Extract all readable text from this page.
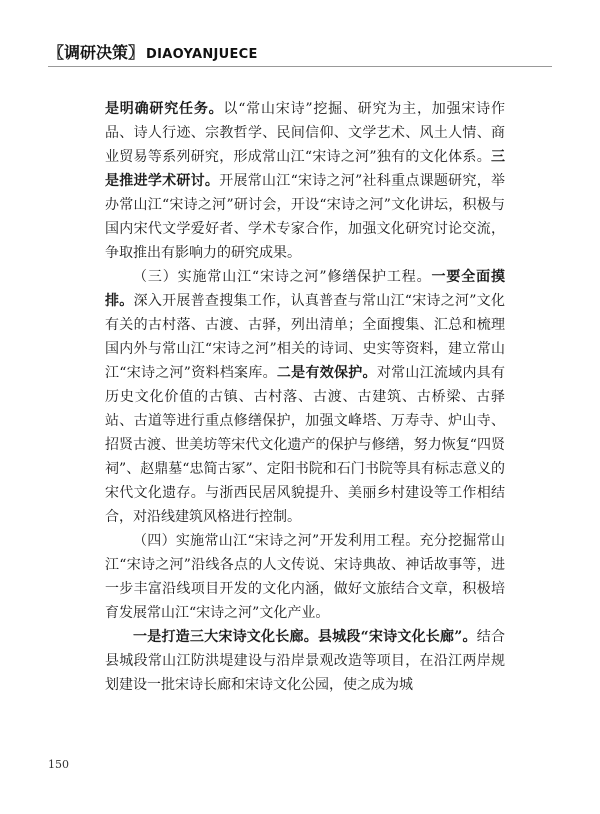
〖调研决策〗 DIAOYANJUECE

是明确研究任务。以“常山宋诗”挖掘、研究为主，加强宋诗作品、诗人行迹、宗教哲学、民间信仰、文学艺术、风土人情、商业贸易等系列研究，形成常山江“宋诗之河”独有的文化体系。三是推进学术研讨。开展常山江“宋诗之河”社科重点课题研究，举办常山江“宋诗之河”研讨会，开设“宋诗之河”文化讲坛，积极与国内宋代文学爱好者、学术专家合作，加强文化研究讨论交流，争取推出有影响力的研究成果。

（三）实施常山江“宋诗之河”修缮保护工程。一要全面摸排。深入开展普查搜集工作，认真普查与常山江“宋诗之河”文化有关的古村落、古渡、古驿，列出清单；全面搜集、汇总和梳理国内外与常山江“宋诗之河”相关的诗词、史实等资料，建立常山江“宋诗之河”资料档案库。二是有效保护。对常山江流域内具有历史文化价值的古镇、古村落、古渡、古建筑、古桥梁、古驿站、古道等进行重点修缮保护，加强文峰塔、万寿寺、炉山寺、招贤古渡、世美坊等宋代文化遗产的保护与修缮，努力恢复“四贤祠”、赵鼎墓“忠简古冢”、定阳书院和石门书院等具有标志意义的宋代文化遗存。与浙西民居风貌提升、美丽乡村建设等工作相结合，对沿线建筑风格进行控制。

（四）实施常山江“宋诗之河”开发利用工程。充分挖掘常山江“宋诗之河”沿线各点的人文传说、宋诗典故、神话故事等，进一步丰富沿线项目开发的文化内涵，做好文旅结合文章，积极培育发展常山江“宋诗之河”文化产业。

一是打造三大宋诗文化长廊。县城段“宋诗文化长廊”。结合县城段常山江防洪堤建设与沿岸景观改造等项目，在沿江两岸规划建设一批宋诗长廊和宋诗文化公园，使之成为城

150
